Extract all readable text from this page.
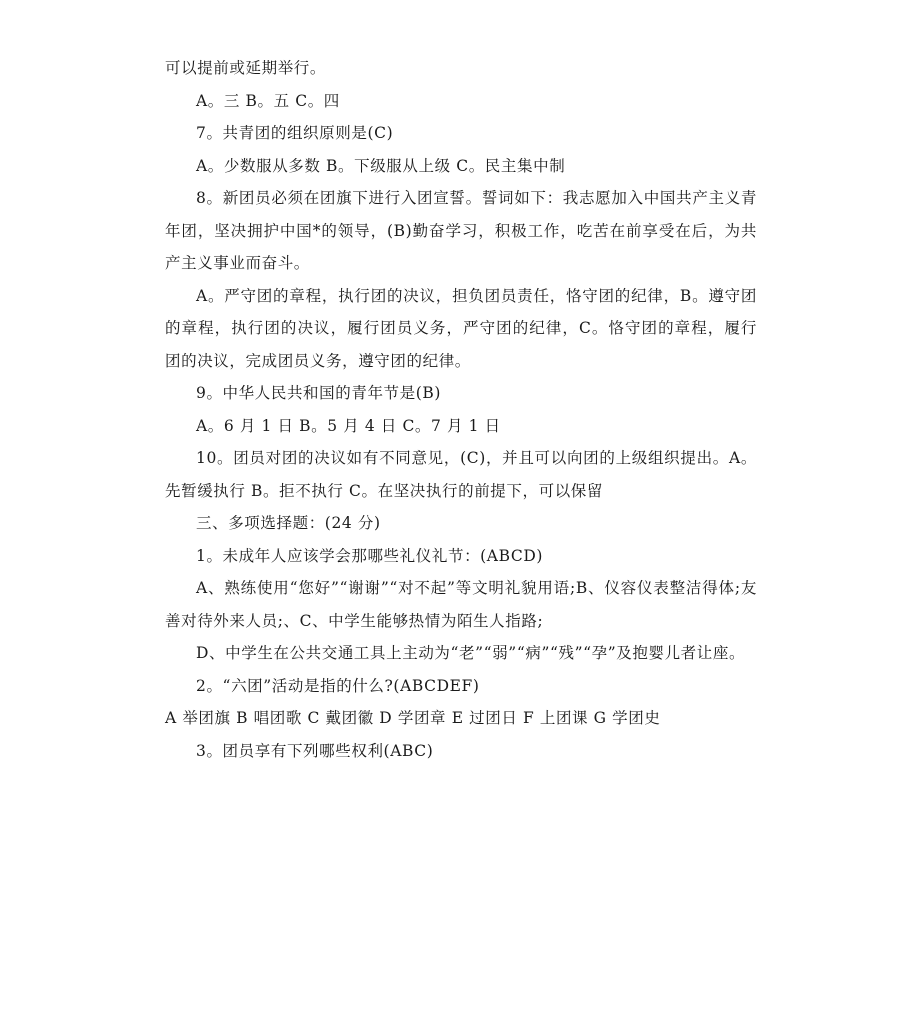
可以提前或延期举行。

A。三 B。五 C。四

7。共青团的组织原则是(C)

A。少数服从多数 B。下级服从上级 C。民主集中制

8。新团员必须在团旗下进行入团宣誓。誓词如下：我志愿加入中国共产主义青年团，坚决拥护中国*的领导，(B)勤奋学习，积极工作，吃苦在前享受在后，为共产主义事业而奋斗。

A。严守团的章程，执行团的决议，担负团员责任，恪守团的纪律，B。遵守团的章程，执行团的决议，履行团员义务，严守团的纪律，C。恪守团的章程，履行团的决议，完成团员义务，遵守团的纪律。

9。中华人民共和国的青年节是(B)

A。6 月 1 日 B。5 月 4 日 C。7 月 1 日

10。团员对团的决议如有不同意见，(C)，并且可以向团的上级组织提出。A。先暂缓执行 B。拒不执行 C。在坚决执行的前提下，可以保留

三、多项选择题：(24 分)

1。未成年人应该学会那哪些礼仪礼节：(ABCD)

A、熟练使用“您好”“谢谢”“对不起”等文明礼貌用语;B、仪容仪表整洁得体;友善对待外来人员;、C、中学生能够热情为陌生人指路;

D、中学生在公共交通工具上主动为“老”“弱”“病”“残”“孕”及抱婴儿者让座。

2。“六团”活动是指的什么?(ABCDEF)

A 举团旗 B 唱团歌 C 戴团徽 D 学团章 E 过团日 F 上团课 G 学团史

3。团员享有下列哪些权利(ABC)
